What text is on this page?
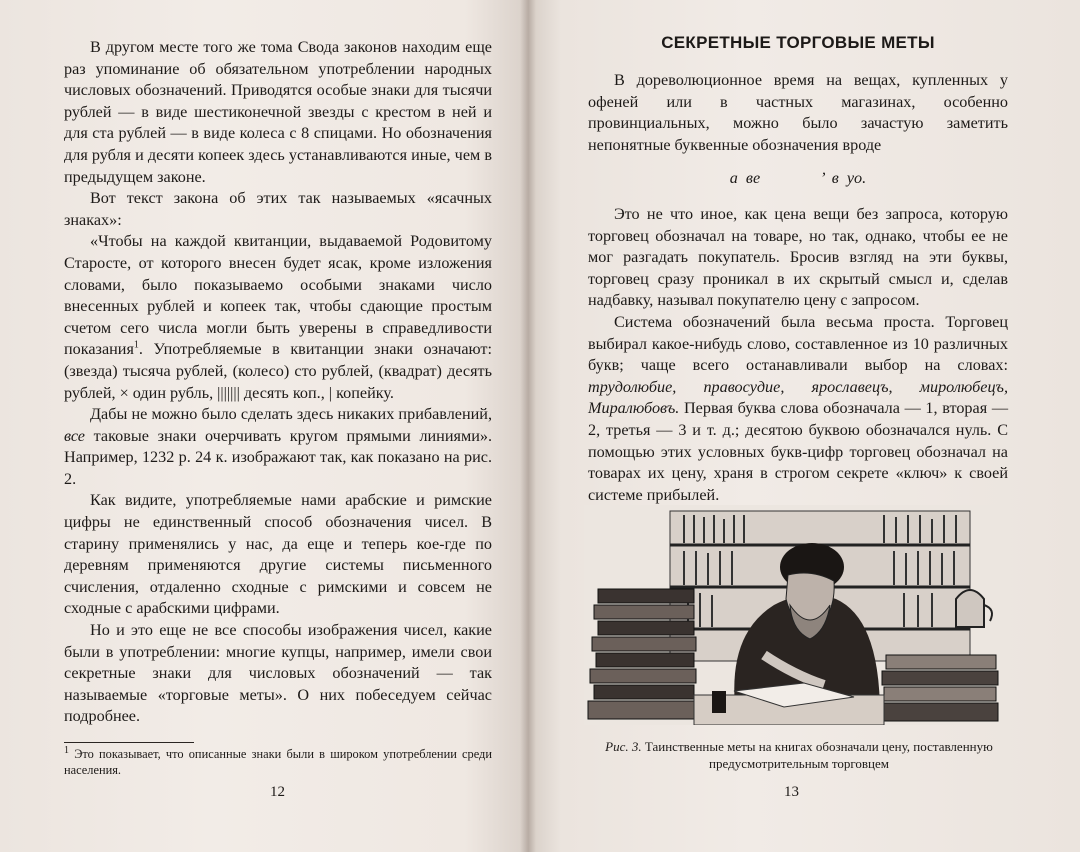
В другом месте того же тома Свода законов находим еще раз упоминание об обязательном употреблении народных числовых обозначений. Приводятся особые знаки для тысячи рублей — в виде шестиконечной звезды с крестом в ней и для ста рублей — в виде колеса с 8 спицами. Но обозначения для рубля и десяти копеек здесь устанавливаются иные, чем в предыдущем законе.

Вот текст закона об этих так называемых «ясачных знаках»:

«Чтобы на каждой квитанции, выдаваемой Родовитому Старосте, от которого внесен будет ясак, кроме изложения словами, было показываемо особыми знаками число внесенных рублей и копеек так, чтобы сдающие простым счетом сего числа могли быть уверены в справедливости показания$^1$. Употребляемые в квитанции знаки означают: (звезда) тысяча рублей, (колесо) сто рублей, (квадрат) десять рублей, × один рубль, ||||||| десять коп., | копейку.

Дабы не можно было сделать здесь никаких прибавлений, все таковые знаки очерчивать кругом прямыми линиями». Например, 1232 р. 24 к. изображают так, как показано на рис. 2.

Как видите, употребляемые нами арабские и римские цифры не единственный способ обозначения чисел. В старину применялись у нас, да еще и теперь кое-где по деревням применяются другие системы письменного счисления, отдаленно сходные с римскими и совсем не сходные с арабскими цифрами.

Но и это еще не все способы изображения чисел, какие были в употреблении: многие купцы, например, имели свои секретные знаки для числовых обозначений — так называемые «торговые меты». О них побеседуем сейчас подробнее.

$^1$ Это показывает, что описанные знаки были в широком употреблении среди населения.
12
СЕКРЕТНЫЕ ТОРГОВЫЕ МЕТЫ

В дореволюционное время на вещах, купленных у офеней или в частных магазинах, особенно провинциальных, можно было зачастую заметить непонятные буквенные обозначения вроде

а ве	’ в уо.

Это не что иное, как цена вещи без запроса, которую торговец обозначал на товаре, но так, однако, чтобы ее не мог разгадать покупатель. Бросив взгляд на эти буквы, торговец сразу проникал в их скрытый смысл и, сделав надбавку, называл покупателю цену с запросом.

Система обозначений была весьма проста. Торговец выбирал какое-нибудь слово, составленное из 10 различных букв; чаще всего останавливали выбор на словах: трудолюбие, правосудие, ярославецъ, миролюбецъ, Миралюбовъ. Первая буква слова обозначала — 1, вторая — 2, третья — 3 и т. д.; десятою буквою обозначался нуль. С помощью этих условных букв-цифр торговец обозначал на товарах их цену, храня в строгом секрете «ключ» к своей системе прибылей.

Рис. 3. Таинственные меты на книгах обозначали цену, поставленную предусмотрительным торговцем
13
